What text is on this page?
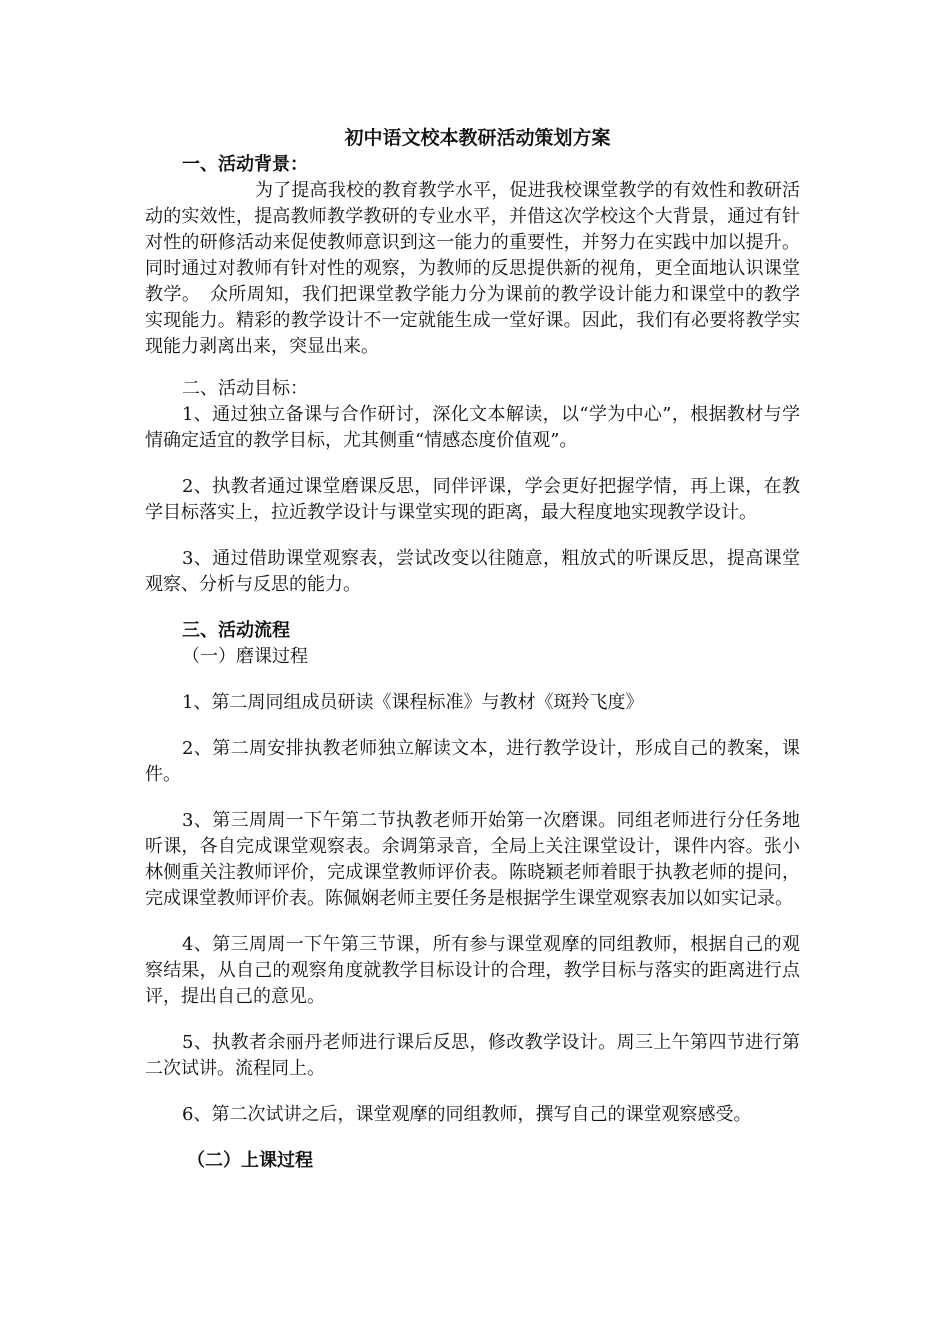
初中语文校本教研活动策划方案
一、活动背景：

为了提高我校的教育教学水平，促进我校课堂教学的有效性和教研活动的实效性，提高教师教学教研的专业水平，并借这次学校这个大背景，通过有针对性的研修活动来促使教师意识到这一能力的重要性，并努力在实践中加以提升。同时通过对教师有针对性的观察，为教师的反思提供新的视角，更全面地认识课堂教学。　众所周知，我们把课堂教学能力分为课前的教学设计能力和课堂中的教学实现能力。精彩的教学设计不一定就能生成一堂好课。因此，我们有必要将教学实现能力剥离出来，突显出来。

二、活动目标：

1、通过独立备课与合作研讨，深化文本解读，以“学为中心”，根据教材与学情确定适宜的教学目标，尤其侧重“情感态度价值观”。

2、执教者通过课堂磨课反思，同伴评课，学会更好把握学情，再上课，在教学目标落实上，拉近教学设计与课堂实现的距离，最大程度地实现教学设计。

3、通过借助课堂观察表，尝试改变以往随意，粗放式的听课反思，提高课堂观察、分析与反思的能力。

三、活动流程
（一）磨课过程

1、第二周同组成员研读《课程标准》与教材《斑羚飞度》

2、第二周安排执教老师独立解读文本，进行教学设计，形成自己的教案，课件。

3、第三周周一下午第二节执教老师开始第一次磨课。同组老师进行分任务地听课，各自完成课堂观察表。余调第录音，全局上关注课堂设计，课件内容。张小林侧重关注教师评价，完成课堂教师评价表。陈晓颖老师着眼于执教老师的提问，完成课堂教师评价表。陈佩娴老师主要任务是根据学生课堂观察表加以如实记录。

4、第三周周一下午第三节课，所有参与课堂观摩的同组教师，根据自己的观察结果，从自己的观察角度就教学目标设计的合理，教学目标与落实的距离进行点评，提出自己的意见。

5、执教者余丽丹老师进行课后反思，修改教学设计。周三上午第四节进行第二次试讲。流程同上。

6、第二次试讲之后，课堂观摩的同组教师，撰写自己的课堂观察感受。

（二）上课过程
